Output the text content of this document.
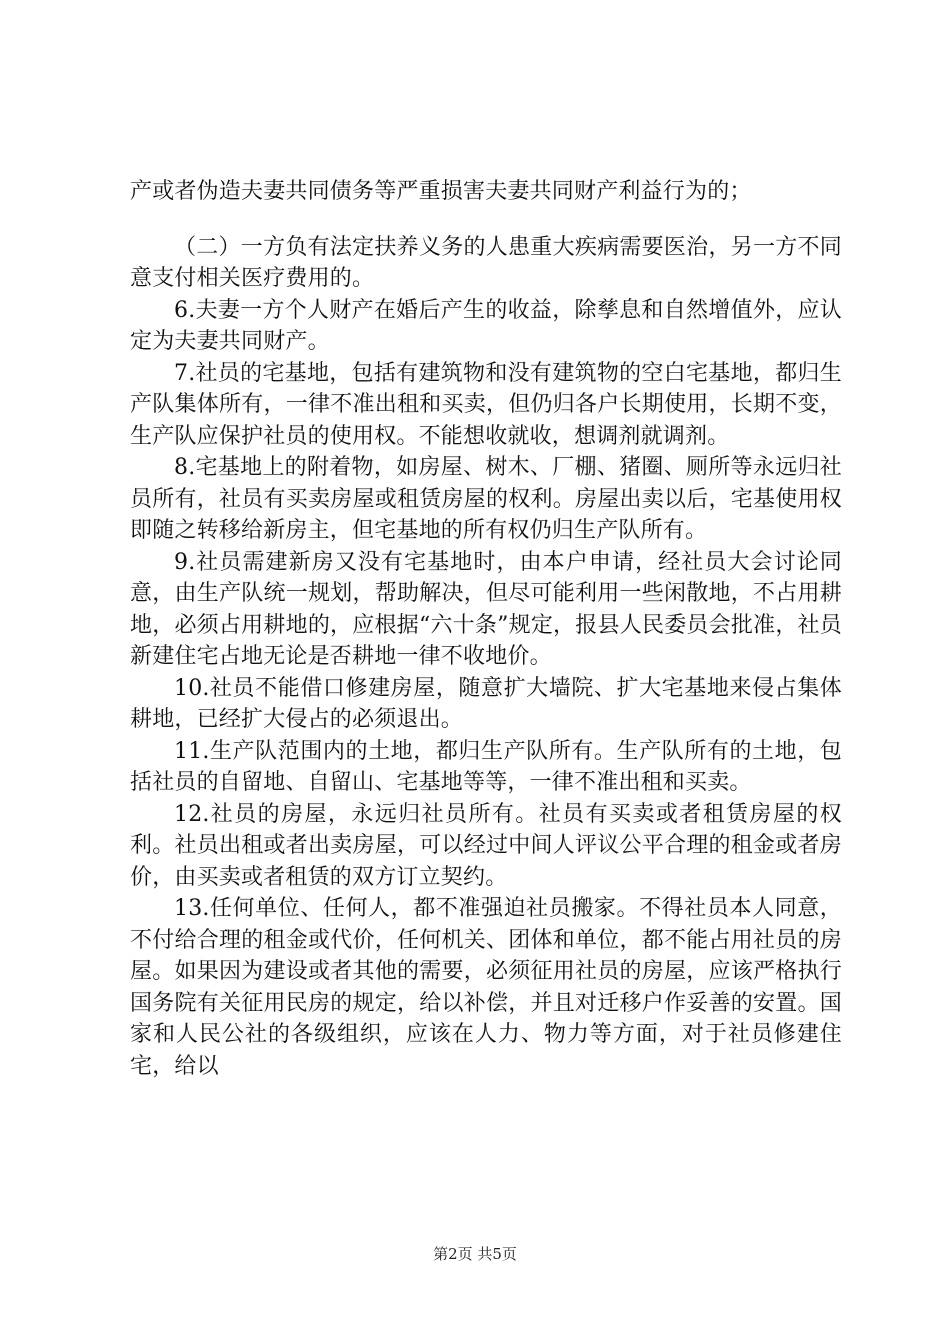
产或者伪造夫妻共同债务等严重损害夫妻共同财产利益行为的；

（二）一方负有法定扶养义务的人患重大疾病需要医治，另一方不同意支付相关医疗费用的。

6.夫妻一方个人财产在婚后产生的收益，除孳息和自然增值外，应认定为夫妻共同财产。

7.社员的宅基地，包括有建筑物和没有建筑物的空白宅基地，都归生产队集体所有，一律不准出租和买卖，但仍归各户长期使用，长期不变，生产队应保护社员的使用权。不能想收就收，想调剂就调剂。

8.宅基地上的附着物，如房屋、树木、厂棚、猪圈、厕所等永远归社员所有，社员有买卖房屋或租赁房屋的权利。房屋出卖以后，宅基使用权即随之转移给新房主，但宅基地的所有权仍归生产队所有。

9.社员需建新房又没有宅基地时，由本户申请，经社员大会讨论同意，由生产队统一规划，帮助解决，但尽可能利用一些闲散地，不占用耕地，必须占用耕地的，应根据“六十条”规定，报县人民委员会批准，社员新建住宅占地无论是否耕地一律不收地价。

10.社员不能借口修建房屋，随意扩大墙院、扩大宅基地来侵占集体耕地，已经扩大侵占的必须退出。

11.生产队范围内的土地，都归生产队所有。生产队所有的土地，包括社员的自留地、自留山、宅基地等等，一律不准出租和买卖。

12.社员的房屋，永远归社员所有。社员有买卖或者租赁房屋的权利。社员出租或者出卖房屋，可以经过中间人评议公平合理的租金或者房价，由买卖或者租赁的双方订立契约。

13.任何单位、任何人，都不准强迫社员搬家。不得社员本人同意，不付给合理的租金或代价，任何机关、团体和单位，都不能占用社员的房屋。如果因为建设或者其他的需要，必须征用社员的房屋，应该严格执行国务院有关征用民房的规定，给以补偿，并且对迁移户作妥善的安置。国家和人民公社的各级组织，应该在人力、物力等方面，对于社员修建住宅，给以

第2页 共5页
